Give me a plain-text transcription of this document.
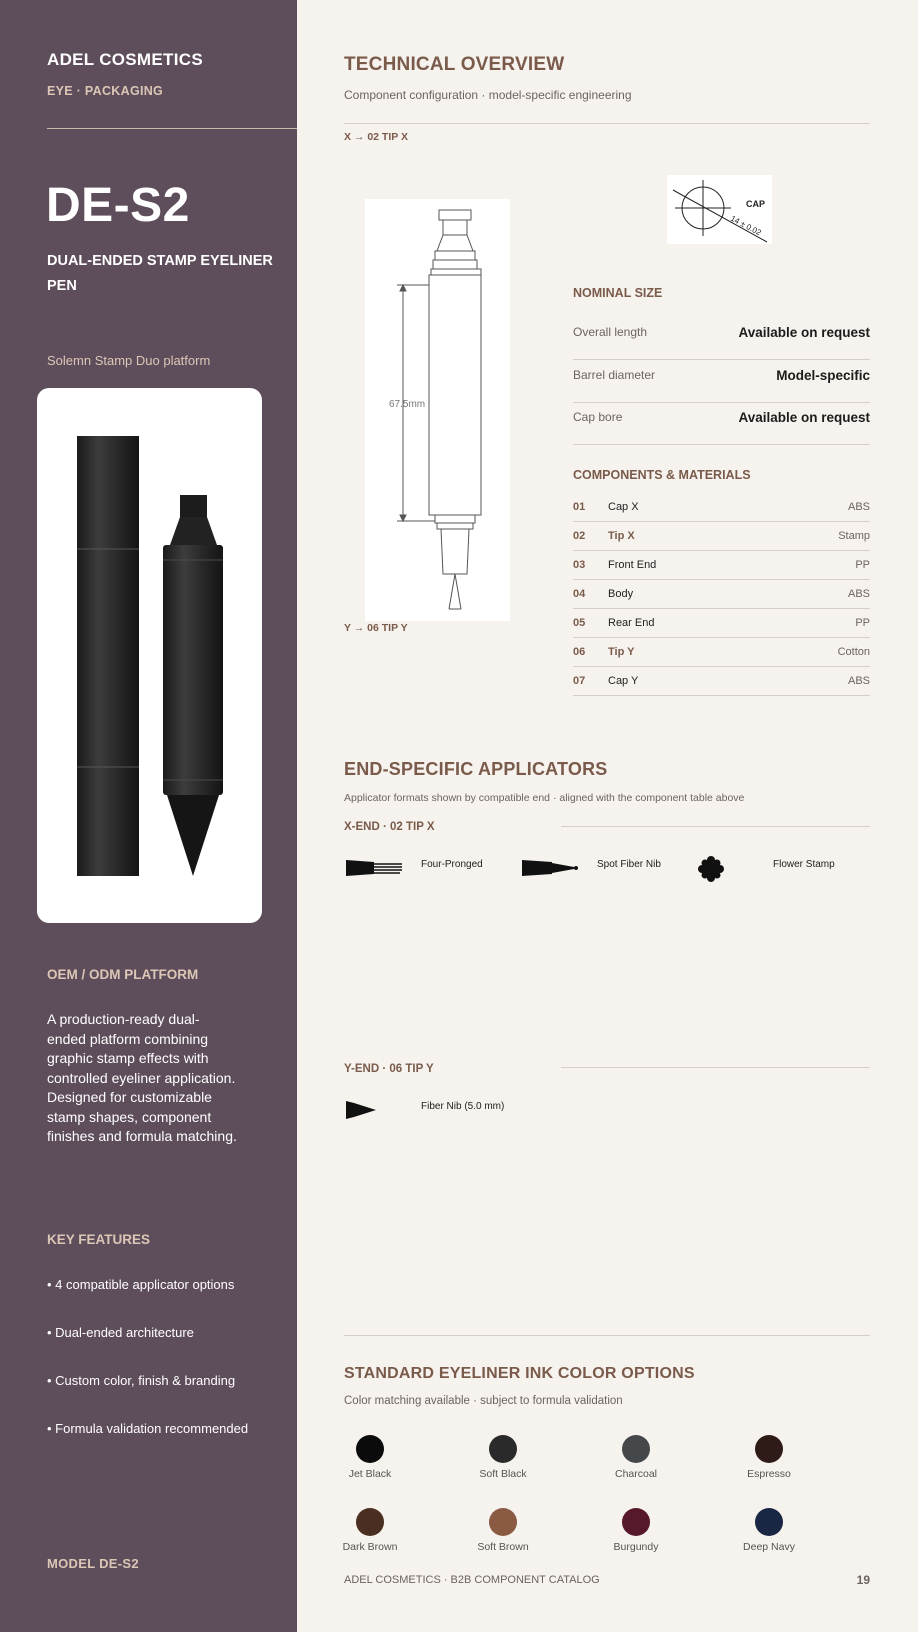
ADEL COSMETICS
EYE · PACKAGING
DE-S2
DUAL-ENDED STAMP EYELINER PEN
Solemn Stamp Duo platform
OEM / ODM PLATFORM
A production-ready dual-ended platform combining graphic stamp effects with controlled eyeliner application. Designed for customizable stamp shapes, component finishes and formula matching.
KEY FEATURES
• 4 compatible applicator options
• Dual-ended architecture
• Custom color, finish & branding
• Formula validation recommended
MODEL DE-S2
TECHNICAL OVERVIEW
Component configuration · model-specific engineering
X → 02 TIP X
67.5mm
CAP
14 ± 0.02
Y → 06 TIP Y
NOMINAL SIZE
Overall length	Available on request
Barrel diameter	Model-specific
Cap bore	Available on request
COMPONENTS & MATERIALS
01 Cap X	ABS
02 Tip X	Stamp
03 Front End	PP
04 Body	ABS
05 Rear End	PP
06 Tip Y	Cotton
07 Cap Y	ABS
END-SPECIFIC APPLICATORS
Applicator formats shown by compatible end · aligned with the component table above
X-END · 02 TIP X
Four-Pronged	Spot Fiber Nib	Flower Stamp
Y-END · 06 TIP Y
Fiber Nib (5.0 mm)
STANDARD EYELINER INK COLOR OPTIONS
Color matching available · subject to formula validation
Jet Black	Soft Black	Charcoal	Espresso
Dark Brown	Soft Brown	Burgundy	Deep Navy
ADEL COSMETICS · B2B COMPONENT CATALOG	19
